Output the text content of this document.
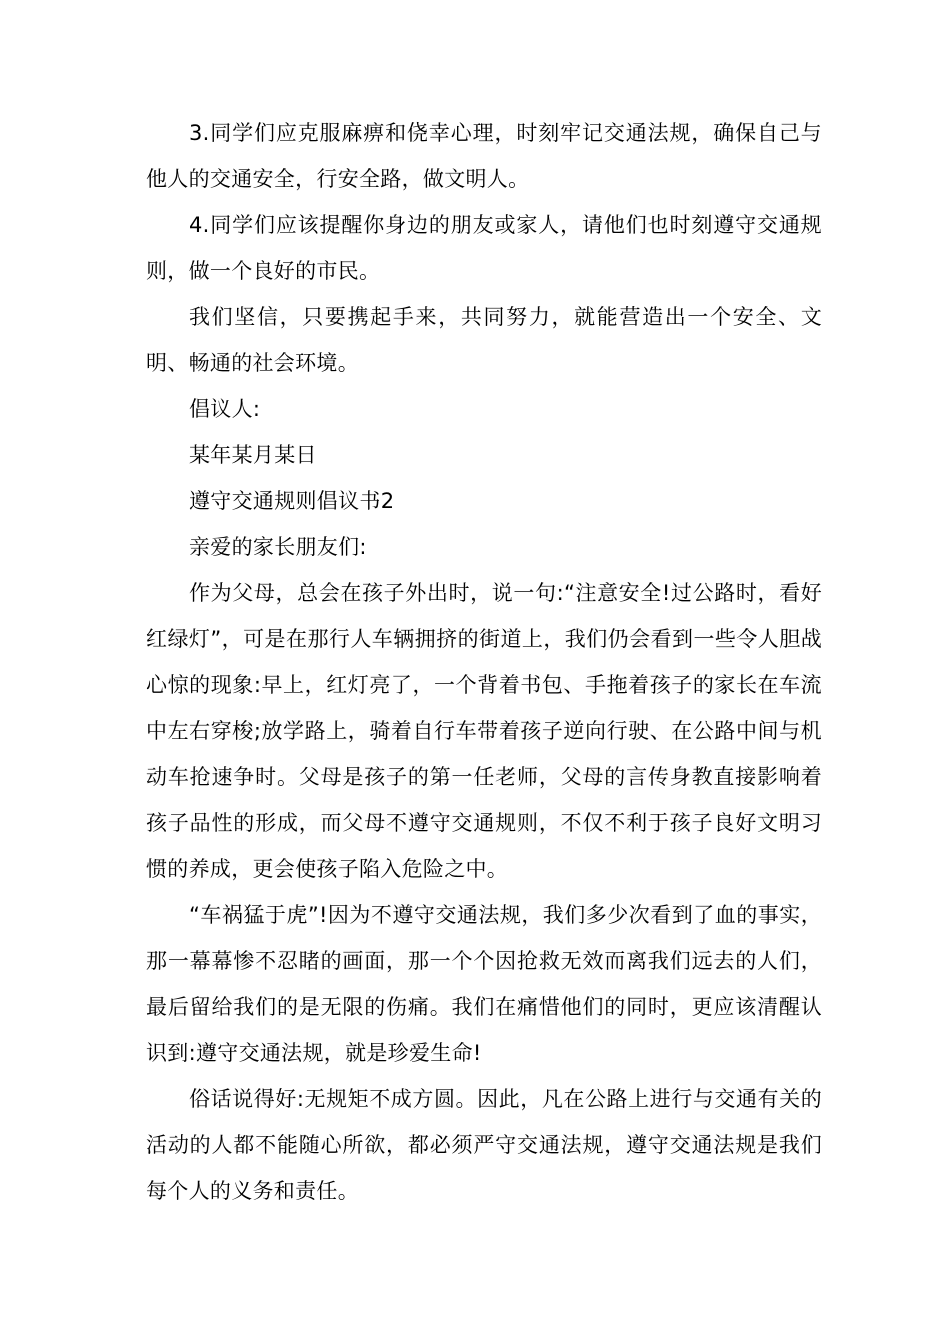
3.同学们应克服麻痹和侥幸心理，时刻牢记交通法规，确保自己与他人的交通安全，行安全路，做文明人。

4.同学们应该提醒你身边的朋友或家人，请他们也时刻遵守交通规则，做一个良好的市民。

我们坚信，只要携起手来，共同努力，就能营造出一个安全、文明、畅通的社会环境。

倡议人:

某年某月某日

遵守交通规则倡议书2

亲爱的家长朋友们:

作为父母，总会在孩子外出时，说一句:“注意安全!过公路时，看好红绿灯”，可是在那行人车辆拥挤的街道上，我们仍会看到一些令人胆战心惊的现象:早上，红灯亮了，一个背着书包、手拖着孩子的家长在车流中左右穿梭;放学路上，骑着自行车带着孩子逆向行驶、在公路中间与机动车抢速争时。父母是孩子的第一任老师，父母的言传身教直接影响着孩子品性的形成，而父母不遵守交通规则，不仅不利于孩子良好文明习惯的养成，更会使孩子陷入危险之中。

“车祸猛于虎”!因为不遵守交通法规，我们多少次看到了血的事实，那一幕幕惨不忍睹的画面，那一个个因抢救无效而离我们远去的人们，最后留给我们的是无限的伤痛。我们在痛惜他们的同时，更应该清醒认识到:遵守交通法规，就是珍爱生命!

俗话说得好:无规矩不成方圆。因此，凡在公路上进行与交通有关的活动的人都不能随心所欲，都必须严守交通法规，遵守交通法规是我们每个人的义务和责任。
